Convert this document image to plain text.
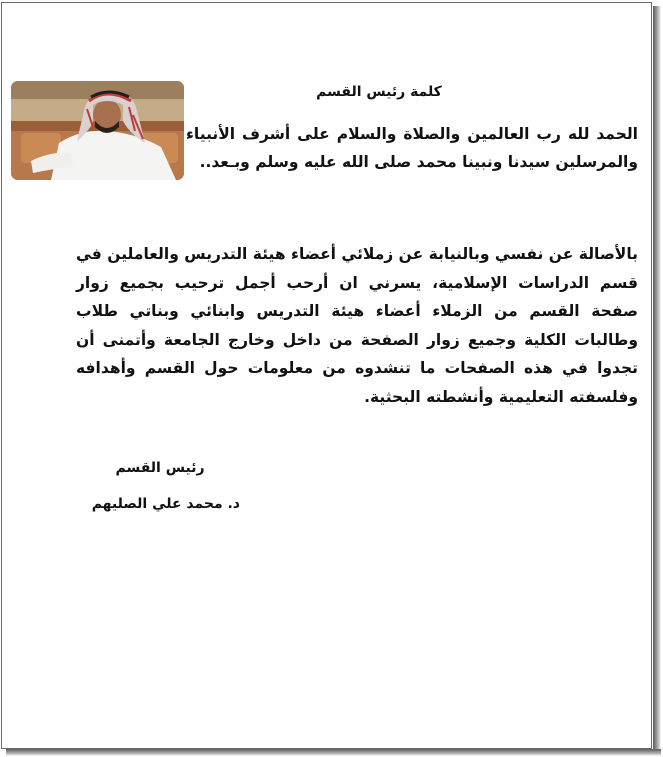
كلمة رئيس القسم
الحمد لله رب العالمين والصلاة والسلام على أشرف الأنبياء والمرسلين سيدنا ونبينا محمد صلى الله عليه وسلم وبـعد..
بالأصالة عن نفسي وبالنيابة عن زملائي أعضاء هيئة التدريس والعاملين في قسم الدراسات الإسلامية، يسرني ان أرحب أجمل ترحيب بجميع زوار صفحة القسم من الزملاء أعضاء هيئة التدريس وابنائي وبناتي طلاب وطالبات الكلية وجميع زوار الصفحة من داخل وخارج الجامعة وأتمنى أن تجدوا في هذه الصفحات ما تنشدوه من معلومات حول القسم وأهدافه وفلسفته التعليمية وأنشطته البحثية.
رئيس القسم
د. محمد علي الصليهم
